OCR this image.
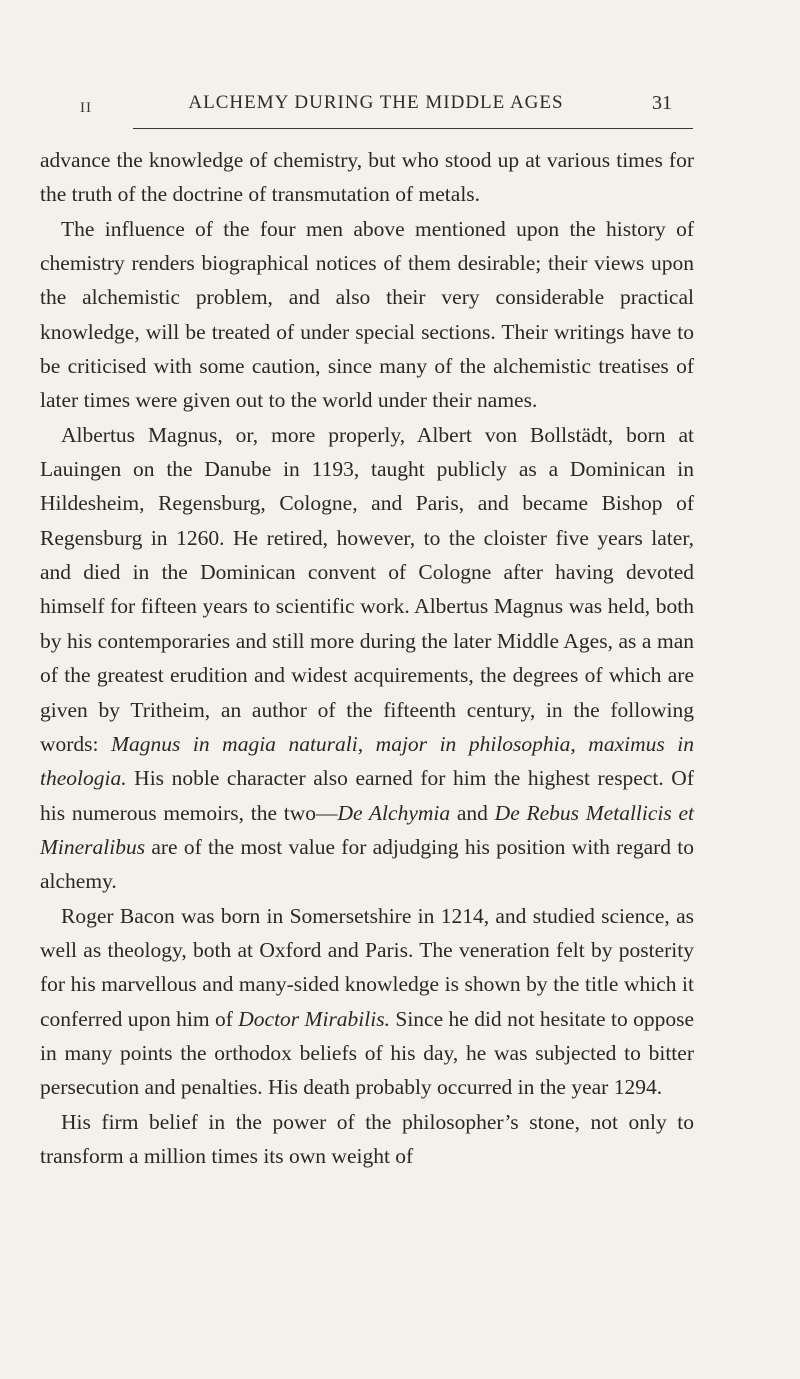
II	ALCHEMY DURING THE MIDDLE AGES	31

advance the knowledge of chemistry, but who stood up at various times for the truth of the doctrine of transmutation of metals.

The influence of the four men above mentioned upon the history of chemistry renders biographical notices of them desirable; their views upon the alchemistic problem, and also their very considerable practical knowledge, will be treated of under special sections. Their writings have to be criticised with some caution, since many of the alchemistic treatises of later times were given out to the world under their names.

Albertus Magnus, or, more properly, Albert von Bollstädt, born at Lauingen on the Danube in 1193, taught publicly as a Dominican in Hildesheim, Regensburg, Cologne, and Paris, and became Bishop of Regensburg in 1260. He retired, however, to the cloister five years later, and died in the Dominican convent of Cologne after having devoted himself for fifteen years to scientific work. Albertus Magnus was held, both by his contemporaries and still more during the later Middle Ages, as a man of the greatest erudition and widest acquirements, the degrees of which are given by Tritheim, an author of the fifteenth century, in the following words: Magnus in magia naturali, major in philosophia, maximus in theologia. His noble character also earned for him the highest respect. Of his numerous memoirs, the two—De Alchymia and De Rebus Metallicis et Mineralibus are of the most value for adjudging his position with regard to alchemy.

Roger Bacon was born in Somersetshire in 1214, and studied science, as well as theology, both at Oxford and Paris. The veneration felt by posterity for his marvellous and many-sided knowledge is shown by the title which it conferred upon him of Doctor Mirabilis. Since he did not hesitate to oppose in many points the orthodox beliefs of his day, he was subjected to bitter persecution and penalties. His death probably occurred in the year 1294.

His firm belief in the power of the philosopher’s stone, not only to transform a million times its own weight of
